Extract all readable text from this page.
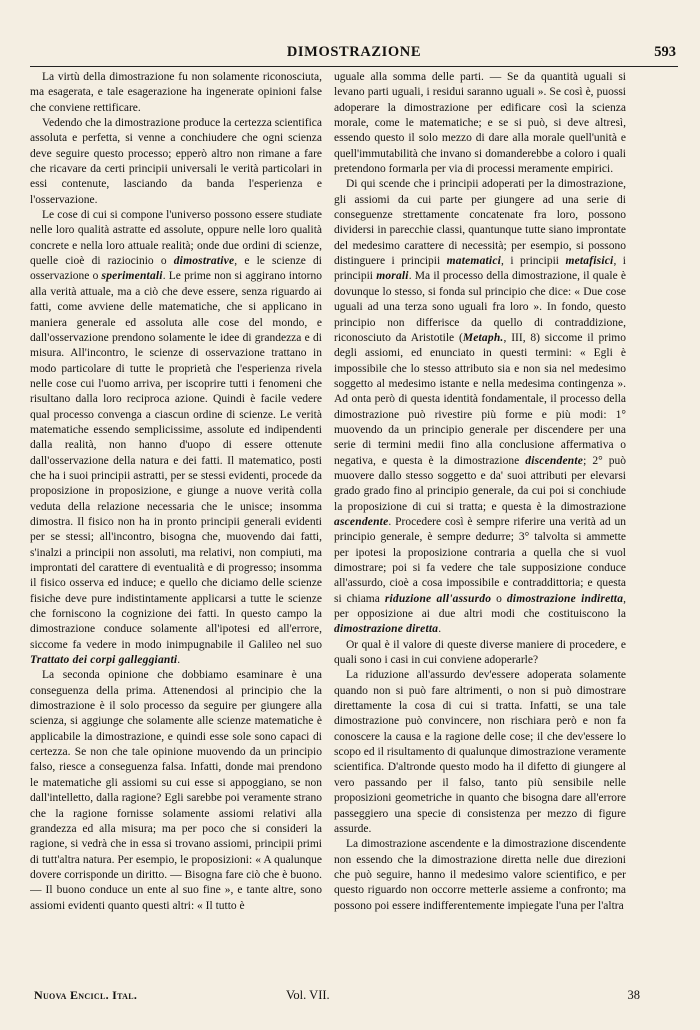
DIMOSTRAZIONE	593

La virtù della dimostrazione fu non solamente riconosciuta, ma esagerata, e tale esagerazione ha ingenerate opinioni false che conviene rettificare.

Vedendo che la dimostrazione produce la certezza scientifica assoluta e perfetta, si venne a conchiudere che ogni scienza deve seguire questo processo; epperò altro non rimane a fare che ricavare da certi principii universali le verità particolari in essi contenute, lasciando da banda l'esperienza e l'osservazione.

Le cose di cui si compone l'universo possono essere studiate nelle loro qualità astratte ed assolute, oppure nelle loro qualità concrete e nella loro attuale realità; onde due ordini di scienze, quelle cioè di raziocinio o dimostrative, e le scienze di osservazione o sperimentali. Le prime non si aggirano intorno alla verità attuale, ma a ciò che deve essere, senza riguardo ai fatti, come avviene delle matematiche, che si applicano in maniera generale ed assoluta alle cose del mondo, e dall'osservazione prendono solamente le idee di grandezza e di misura. All'incontro, le scienze di osservazione trattano in modo particolare di tutte le proprietà che l'esperienza rivela nelle cose cui l'uomo arriva, per iscoprire tutti i fenomeni che risultano dalla loro reciproca azione. Quindi è facile vedere qual processo convenga a ciascun ordine di scienze. Le verità matematiche essendo semplicissime, assolute ed indipendenti dalla realità, non hanno d'uopo di essere ottenute dall'osservazione della natura e dei fatti. Il matematico, posti che ha i suoi principii astratti, per se stessi evidenti, procede da proposizione in proposizione, e giunge a nuove verità colla veduta della relazione necessaria che le unisce; insomma dimostra. Il fisico non ha in pronto principii generali evidenti per se stessi; all'incontro, bisogna che, muovendo dai fatti, s'inalzi a principii non assoluti, ma relativi, non compiuti, ma improntati del carattere di eventualità e di progresso; insomma il fisico osserva ed induce; e quello che diciamo delle scienze fisiche deve pure indistintamente applicarsi a tutte le scienze che forniscono la cognizione dei fatti. In questo campo la dimostrazione conduce solamente all'ipotesi ed all'errore, siccome fa vedere in modo inimpugnabile il Galileo nel suo Trattato dei corpi galleggianti.

La seconda opinione che dobbiamo esaminare è una conseguenza della prima. Attenendosi al principio che la dimostrazione è il solo processo da seguire per giungere alla scienza, si aggiunge che solamente alle scienze matematiche è applicabile la dimostrazione, e quindi esse sole sono capaci di certezza. Se non che tale opinione muovendo da un principio falso, riesce a conseguenza falsa. Infatti, donde mai prendono le matematiche gli assiomi su cui esse si appoggiano, se non dall'intelletto, dalla ragione? Egli sarebbe poi veramente strano che la ragione fornisse solamente assiomi relativi alla grandezza ed alla misura; ma per poco che si consideri la ragione, si vedrà che in essa si trovano assiomi, principii primi di tutt'altra natura. Per esempio, le proposizioni: « A qualunque dovere corrisponde un diritto. — Bisogna fare ciò che è buono. — Il buono conduce un ente al suo fine », e tante altre, sono assiomi evidenti quanto questi altri: « Il tutto è

uguale alla somma delle parti. — Se da quantità uguali si levano parti uguali, i residui saranno uguali ». Se così è, puossi adoperare la dimostrazione per edificare così la scienza morale, come le matematiche; e se si può, si deve altresì, essendo questo il solo mezzo di dare alla morale quell'unità e quell'immutabilità che invano si domanderebbe a coloro i quali pretendono formarla per via di processi meramente empirici.

Di qui scende che i principii adoperati per la dimostrazione, gli assiomi da cui parte per giungere ad una serie di conseguenze strettamente concatenate fra loro, possono dividersi in parecchie classi, quantunque tutte siano improntate del medesimo carattere di necessità; per esempio, si possono distinguere i principii matematici, i principii metafisici, i principii morali. Ma il processo della dimostrazione, il quale è dovunque lo stesso, si fonda sul principio che dice: « Due cose uguali ad una terza sono uguali fra loro ». In fondo, questo principio non differisce da quello di contraddizione, riconosciuto da Aristotile (Metaph., III, 8) siccome il primo degli assiomi, ed enunciato in questi termini: « Egli è impossibile che lo stesso attributo sia e non sia nel medesimo soggetto al medesimo istante e nella medesima contingenza ». Ad onta però di questa identità fondamentale, il processo della dimostrazione può rivestire più forme e più modi: 1° muovendo da un principio generale per discendere per una serie di termini medii fino alla conclusione affermativa o negativa, e questa è la dimostrazione discendente; 2° può muovere dallo stesso soggetto e da' suoi attributi per elevarsi grado grado fino al principio generale, da cui poi si conchiude la proposizione di cui si tratta; e questa è la dimostrazione ascendente. Procedere così è sempre riferire una verità ad un principio generale, è sempre dedurre; 3° talvolta si ammette per ipotesi la proposizione contraria a quella che si vuol dimostrare; poi si fa vedere che tale supposizione conduce all'assurdo, cioè a cosa impossibile e contraddittoria; e questa si chiama riduzione all'assurdo o dimostrazione indiretta, per opposizione ai due altri modi che costituiscono la dimostrazione diretta.

Or qual è il valore di queste diverse maniere di procedere, e quali sono i casi in cui conviene adoperarle?

La riduzione all'assurdo dev'essere adoperata solamente quando non si può fare altrimenti, o non si può dimostrare direttamente la cosa di cui si tratta. Infatti, se una tale dimostrazione può convincere, non rischiara però e non fa conoscere la causa e la ragione delle cose; il che dev'essere lo scopo ed il risultamento di qualunque dimostrazione veramente scientifica. D'altronde questo modo ha il difetto di giungere al vero passando per il falso, tanto più sensibile nelle proposizioni geometriche in quanto che bisogna dare all'errore passeggiero una specie di consistenza per mezzo di figure assurde.

La dimostrazione ascendente e la dimostrazione discendente non essendo che la dimostrazione diretta nelle due direzioni che può seguire, hanno il medesimo valore scientifico, e per questo riguardo non occorre metterle assieme a confronto; ma possono poi essere indifferentemente impiegate l'una per l'altra

Nuova Encicl. Ital.	Vol. VII.	38
